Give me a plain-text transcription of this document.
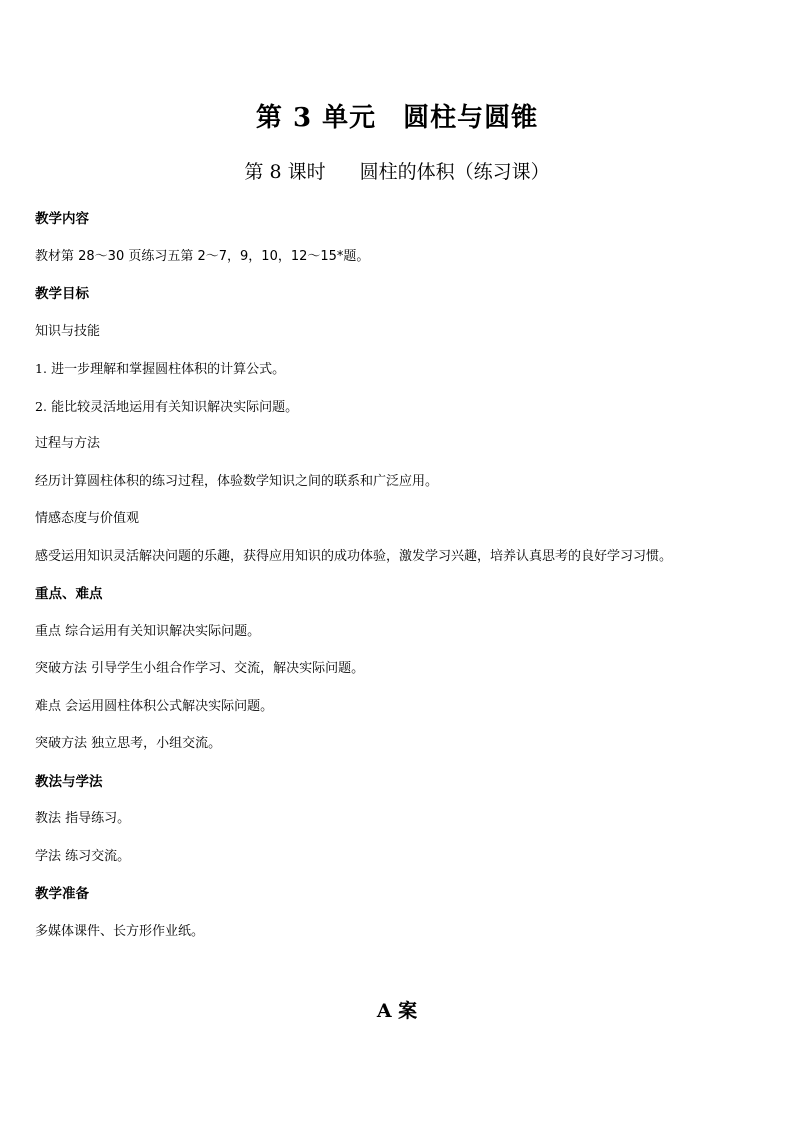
第 3 单元　圆柱与圆锥
第 8 课时 圆柱的体积（练习课）
教学内容
教材第 28～30 页练习五第 2～7，9，10，12～15*题。
教学目标
知识与技能
1. 进一步理解和掌握圆柱体积的计算公式。
2. 能比较灵活地运用有关知识解决实际问题。
过程与方法
经历计算圆柱体积的练习过程，体验数学知识之间的联系和广泛应用。
情感态度与价值观
感受运用知识灵活解决问题的乐趣，获得应用知识的成功体验，激发学习兴趣，培养认真思考的良好学习习惯。
重点、难点
重点 综合运用有关知识解决实际问题。
突破方法 引导学生小组合作学习、交流，解决实际问题。
难点 会运用圆柱体积公式解决实际问题。
突破方法 独立思考，小组交流。
教法与学法
教法 指导练习。
学法 练习交流。
教学准备
多媒体课件、长方形作业纸。
A 案
